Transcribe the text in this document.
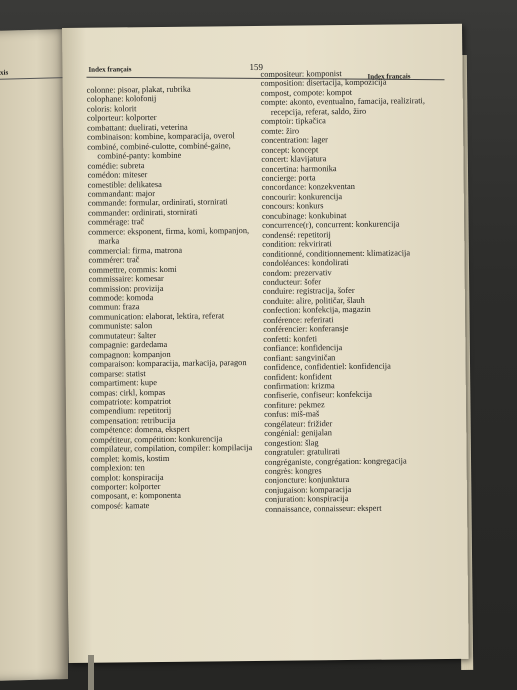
xis	Index français	159
Index français
colonne: pisoar, plakat, rubrika
colophane: kolofonij
coloris: kolorit
colporteur: kolporter
combattant: duelirati, veterina
combinaison: kombine, komparacija, overol
combiné, combiné-culotte, combiné-gaine, combiné-panty: kombine
comédie: subreta
comédon: miteser
comestible: delikatesa
commandant: major
commande: formular, ordinirati, stornirati
commander: ordinirati, stornirati
commérage: trač
commerce: eksponent, firma, komi, kompanjon, marka
commercial: firma, matrona
commérer: trač
commettre, commis: komi
commissaire: komesar
commission: provizija
commode: komoda
commun: fraza
communication: elaborat, lektira, referat
communiste: salon
commutateur: šalter
compagnie: gardedama
compagnon: kompanjon
comparaison: komparacija, markacija, paragon
comparse: statist
compartiment: kupe
compas: cirkl, kompas
compatriote: kompatriot
compendium: repetitorij
compensation: retribucija
compétence: domena, ekspert
compétiteur, compétition: konkurencija
compilateur, compilation, compiler: kompilacija
complet: komis, kostim
complexion: ten
complot: konspiracija
comporter: kolporter
composant, e: komponenta
composé: kamate
compositeur: komponist
composition: disertacija, kompozicija
compost, compote: kompot
compte: akonto, eventualno, famacija, realizirati, recepcija, referat, saldo, žiro
comptoir: tipkačica
comte: žiro
concentration: lager
concept: koncept
concert: klavijatura
concertina: harmonika
concierge: porta
concordance: konzekventan
concourir: konkurencija
concours: konkurs
concubinage: konkubinat
concurrence(r), concurrent: konkurencija
condensé: repetitorij
condition: rekvirirati
conditionné, conditionnement: klimatizacija
condoléances: kondolirati
condom: prezervativ
conducteur: šofer
conduire: registracija, šofer
conduite: alire, političar, šlauh
confection: konfekcija, magazin
conférence: referirati
conférencier: konferansje
confetti: konfeti
confiance: konfidencija
confiant: sangviničan
confidence, confidentiel: konfidencija
confident: konfident
confirmation: krizma
confiserie, confiseur: konfekcija
confiture: pekmez
confus: miš-maš
congélateur: frižider
congénial: genijalan
congestion: šlag
congratuler: gratulirati
congréganiste, congrégation: kongregacija
congrès: kongres
conjoncture: konjunktura
conjugaison: komparacija
conjuration: konspiracija
connaissance, connaisseur: ekspert
